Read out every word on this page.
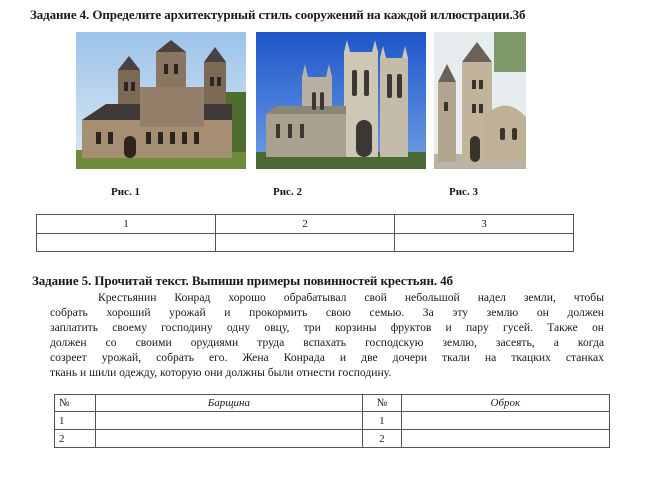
Задание 4. Определите архитектурный стиль сооружений на каждой иллюстрации.3б
Рис. 1	Рис. 2	Рис. 3
1	2	3

Задание 5. Прочитай текст. Выпиши примеры повинностей крестьян. 4б

Крестьянин Конрад хорошо обрабатывал свой небольшой надел земли, чтобы

собрать хороший урожай и прокормить свою семью. За эту землю он должен

заплатить своему господину одну овцу, три корзины фруктов и пару гусей. Также он

должен со своими орудиями труда вспахать господскую землю, засеять, а когда

созреет урожай, собрать его. Жена Конрада и две дочери ткали на ткацких станках

ткань и шили одежду, которую они должны были отнести господину.

№	Барщина	№	Оброк
1		1	
2		2	
